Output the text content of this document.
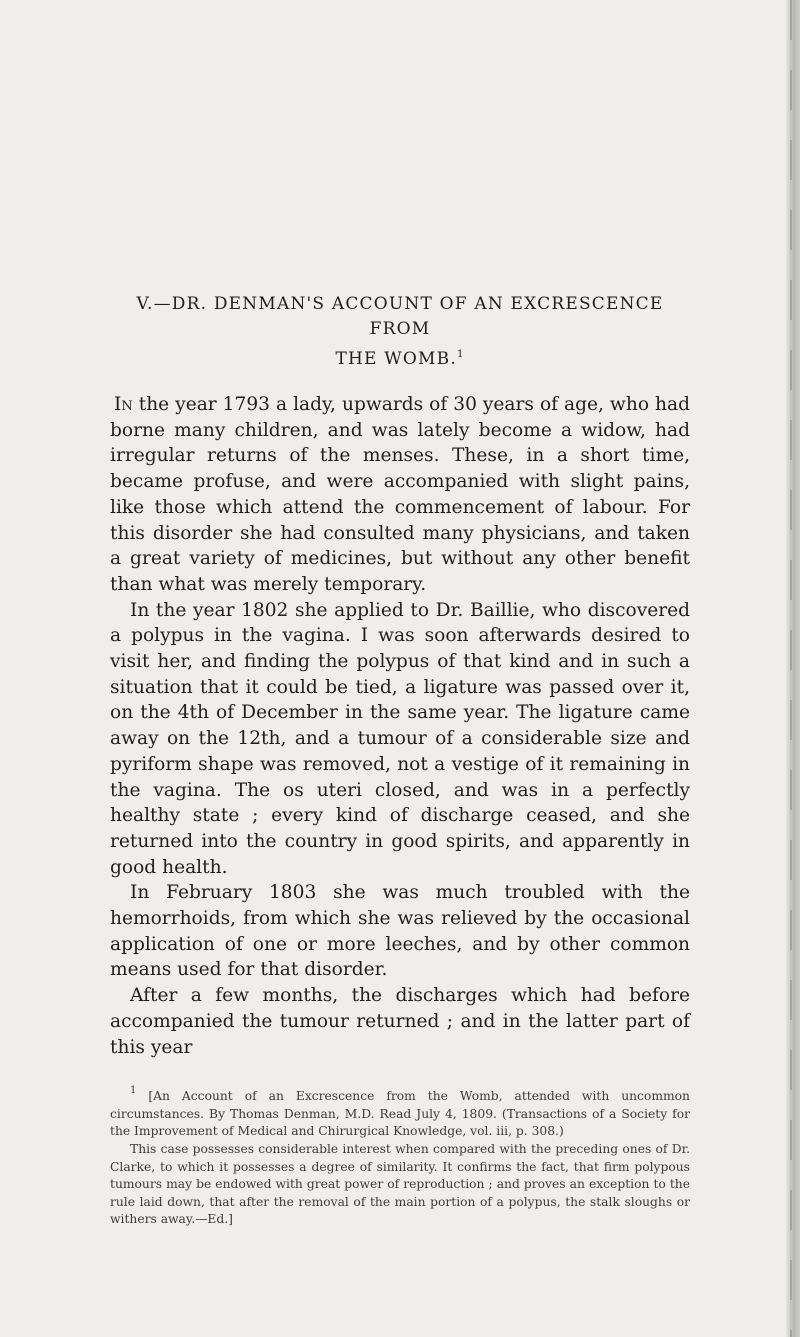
V.—DR. DENMAN'S ACCOUNT OF AN EXCRESCENCE FROM
THE WOMB.$^1$

In the year 1793 a lady, upwards of 30 years of age, who had borne many children, and was lately become a widow, had irregular returns of the menses. These, in a short time, became profuse, and were accompanied with slight pains, like those which attend the commencement of labour. For this disorder she had consulted many physicians, and taken a great variety of medicines, but without any other benefit than what was merely temporary.

In the year 1802 she applied to Dr. Baillie, who discovered a polypus in the vagina. I was soon afterwards desired to visit her, and finding the polypus of that kind and in such a situation that it could be tied, a ligature was passed over it, on the 4th of December in the same year. The ligature came away on the 12th, and a tumour of a considerable size and pyriform shape was removed, not a vestige of it remaining in the vagina. The os uteri closed, and was in a perfectly healthy state ; every kind of discharge ceased, and she returned into the country in good spirits, and apparently in good health.

In February 1803 she was much troubled with the hemorrhoids, from which she was relieved by the occasional application of one or more leeches, and by other common means used for that disorder.

After a few months, the discharges which had before accompanied the tumour returned ; and in the latter part of this year

$^1$ [An Account of an Excrescence from the Womb, attended with uncommon circumstances. By Thomas Denman, M.D. Read July 4, 1809. (Transactions of a Society for the Improvement of Medical and Chirurgical Knowledge, vol. iii, p. 308.)

This case possesses considerable interest when compared with the preceding ones of Dr. Clarke, to which it possesses a degree of similarity. It confirms the fact, that firm polypous tumours may be endowed with great power of reproduction ; and proves an exception to the rule laid down, that after the removal of the main portion of a polypus, the stalk sloughs or withers away.—Ed.]
